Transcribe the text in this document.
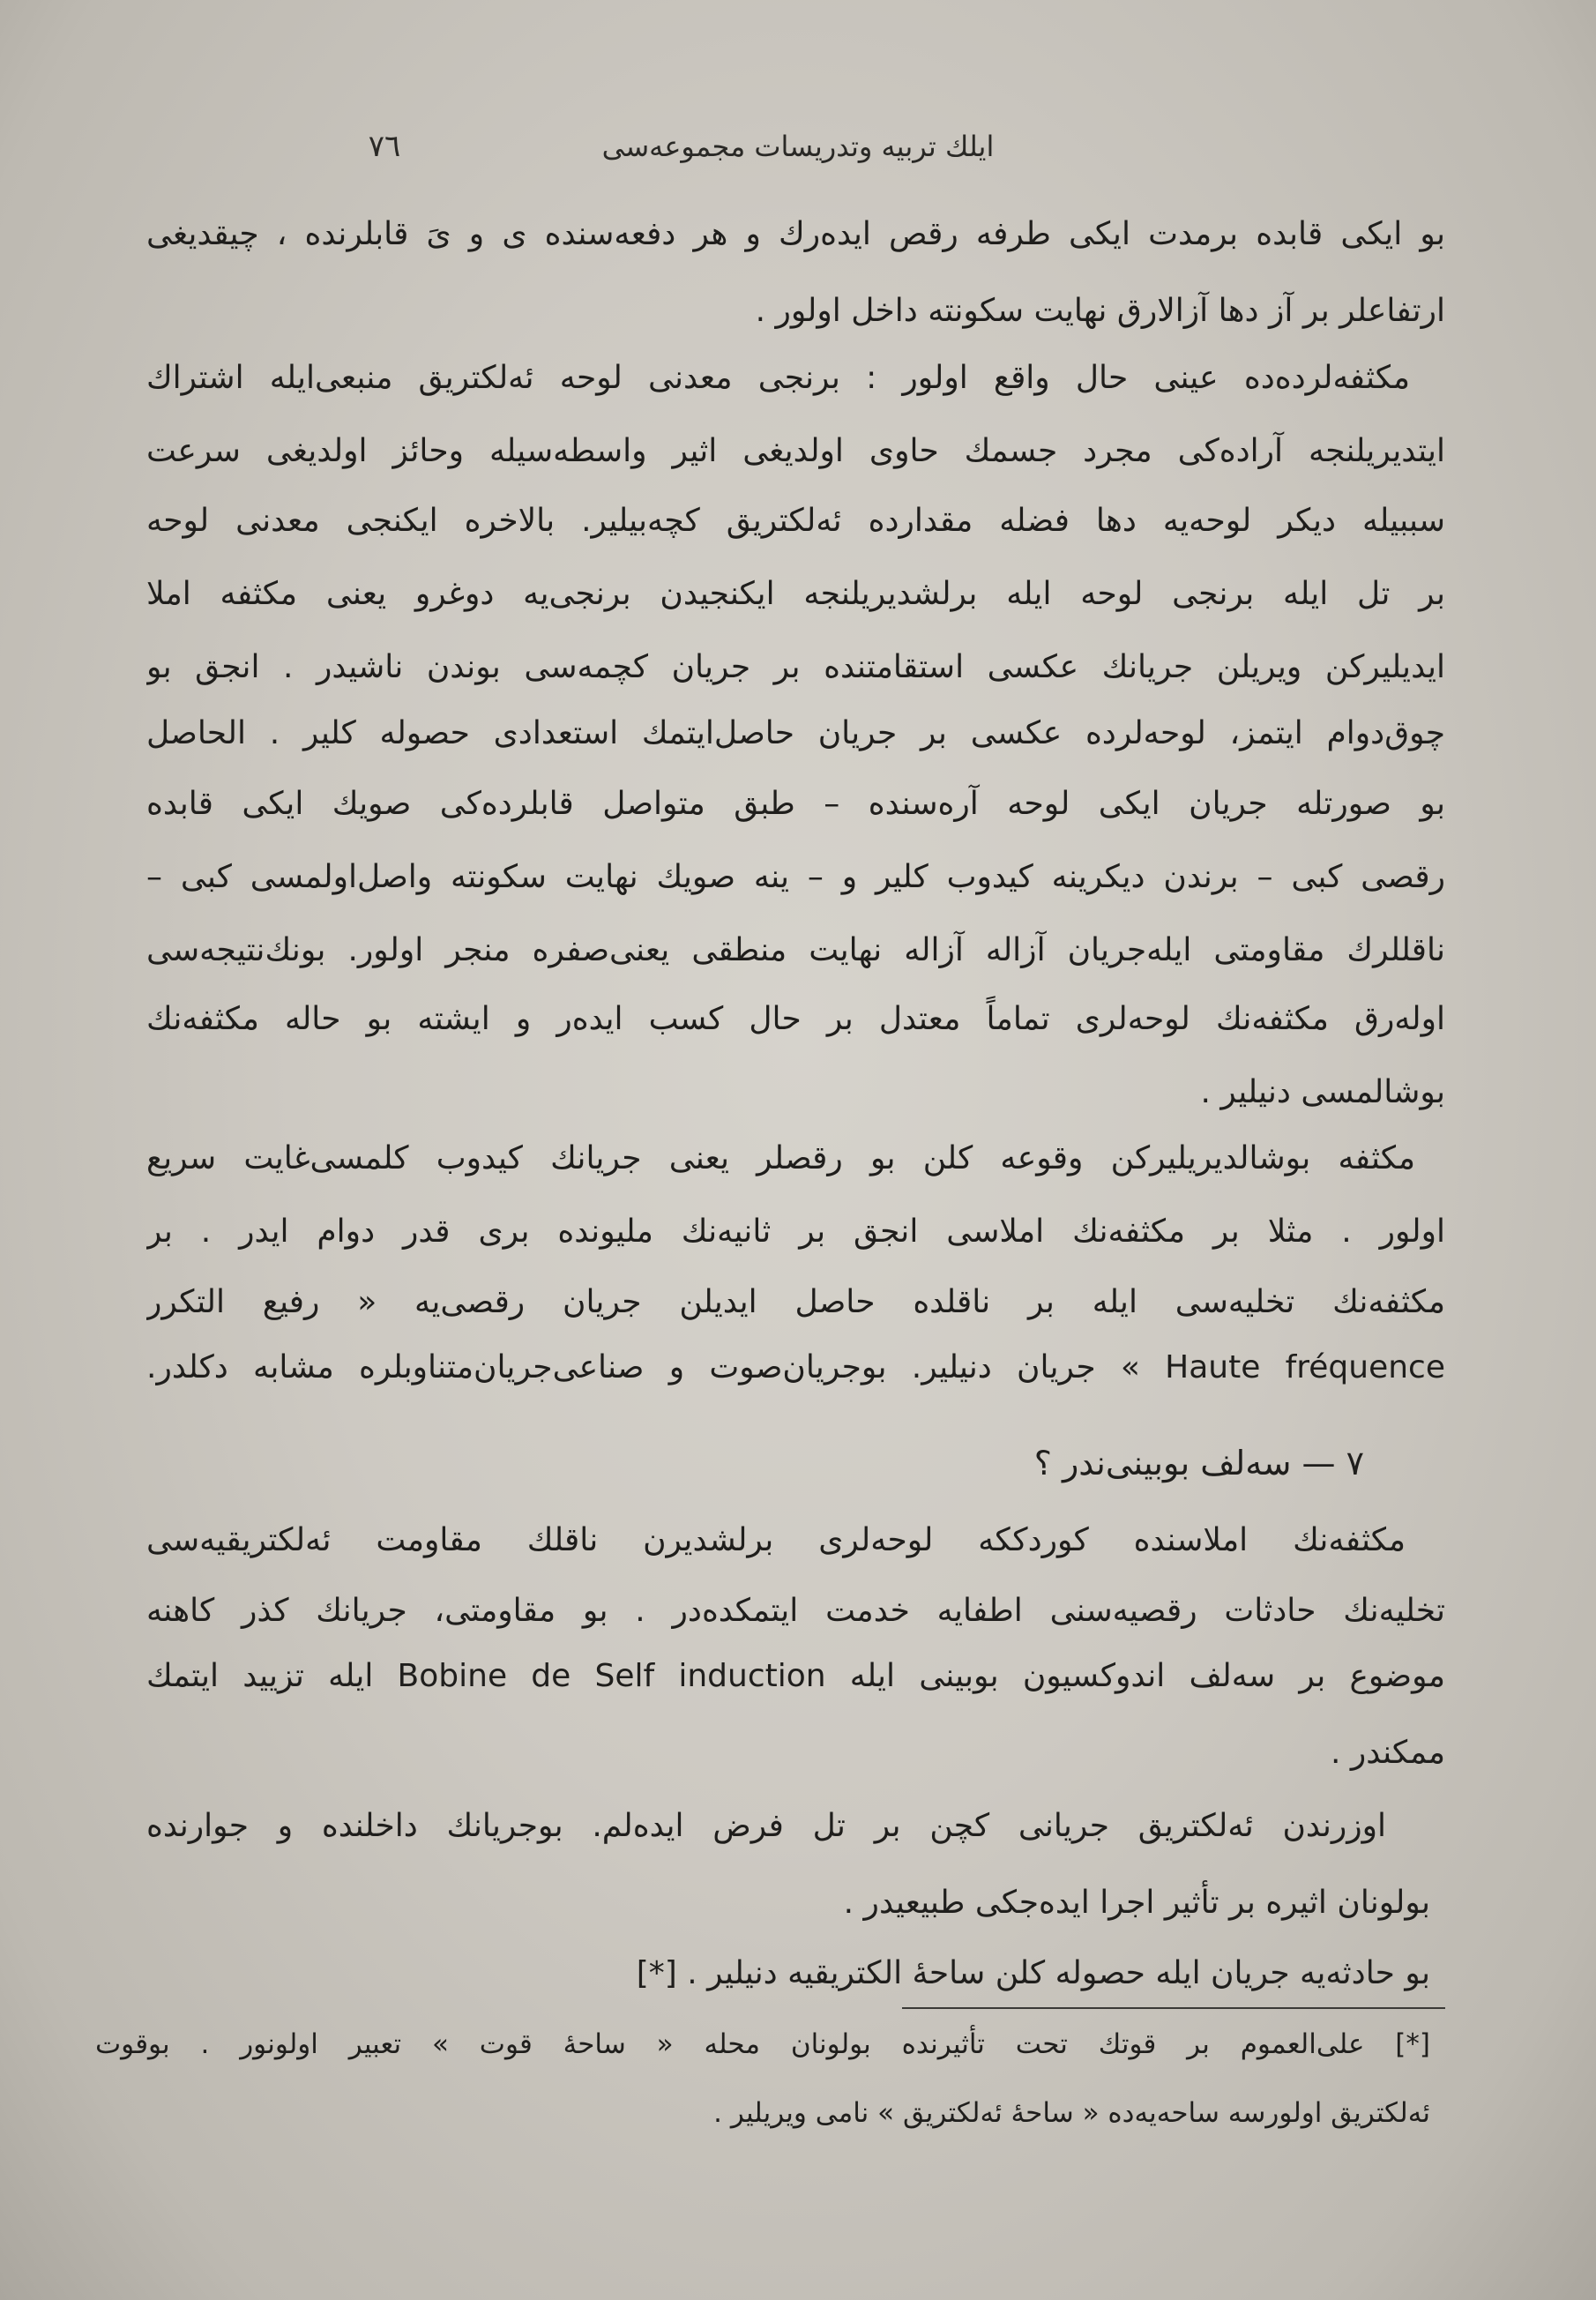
٧٦	ایلك تربیه وتدریسات مجموعه‌سی
بو ایكی قابده برمدت ایكی طرفه رقص ایده‌رك و هر دفعه‌سنده ی و یَ قابلرنده ، چیقدیغی
ارتفاعلر بر آز دها آزالارق نهایت سكونته داخل اولور .
مكثفه‌لرده‌ده عینی حال واقع اولور : برنجی معدنی لوحه ئه‌لكتریق منبعی‌ایله اشتراك
ایتدیریلنجه آراده‌كی مجرد جسمك حاوی اولدیغی اثیر واسطه‌سیله وحائز اولدیغی سرعت
سببیله دیكر لوحه‌یه دها فضله مقدارده ئه‌لكتریق كچه‌بیلیر. بالاخره ایكنجی معدنی لوحه
بر تل ایله برنجی لوحه ایله برلشدیریلنجه ایكنجیدن برنجی‌یه دوغرو یعنی مكثفه املا
ایدیلیركن ویریلن جریانك عكسی استقامتنده بر جریان كچمه‌سی بوندن ناشیدر . انجق بو
چوق‌دوام ایتمز، لوحه‌لرده عكسی بر جریان حاصل‌ایتمك استعدادی حصوله كلیر . الحاصل
بو صورتله جریان ایكی لوحه آره‌سنده – طبق متواصل قابلرده‌كی صویك ایكی قابده
رقصی كبی – برندن دیكرینه كیدوب كلیر و – ینه صویك نهایت سكونته واصل‌اولمسی كبی –
ناقللرك مقاومتی ایله‌جریان آزاله آزاله نهایت منطقی یعنی‌صفره منجر اولور. بونك‌نتیجه‌سی
اوله‌رق مكثفه‌نك لوحه‌لری تماماً معتدل بر حال كسب ایده‌ر و ایشته بو حاله مكثفه‌نك
بوشالمسی دنیلیر .
مكثفه بوشالدیریلیركن وقوعه كلن بو رقصلر یعنی جریانك كیدوب كلمسی‌غایت سریع
اولور . مثلا بر مكثفه‌نك املاسی انجق بر ثانیه‌نك ملیونده بری قدر دوام ایدر . بر
مكثفه‌نك تخلیه‌سی ایله بر ناقلده حاصل ایدیلن جریان رقصی‌یه « رفیع التكرر
Haute fréquence » جریان دنیلیر. بوجریان‌صوت و صناعی‌جریان‌متناوبلره مشابه دكلدر.
٧ — سه‌لف بوبینی‌ندر ؟
مكثفه‌نك املاسنده كوردككه لوحه‌لری برلشدیرن ناقلك مقاومت ئه‌لكتریقیه‌سی
تخلیه‌نك حادثات رقصیه‌سنی اطفایه خدمت ایتمكده‌در . بو مقاومتی، جریانك كذر كاهنه
موضوع بر سه‌لف اندوكسیون بوبینی ایله Bobine de Self induction ایله تزیید ایتمك
ممكندر .
اوزرندن ئه‌لكتریق جریانی كچن بر تل فرض ایده‌لم. بوجریانك داخلنده و جوارنده
بولونان اثیره بر تأثیر اجرا ایده‌جكی طبیعیدر .
بو حادثه‌یه جریان ایله حصوله كلن ساحۀ الكتریقیه دنیلیر . [*]
[*] علی‌العموم بر قوتك تحت تأثیرنده بولونان محله « ساحۀ قوت » تعبیر اولونور . بوقوت
ئه‌لكتریق اولورسه ساحه‌یه‌ده « ساحۀ ئه‌لكتریق » نامی ویریلیر .
